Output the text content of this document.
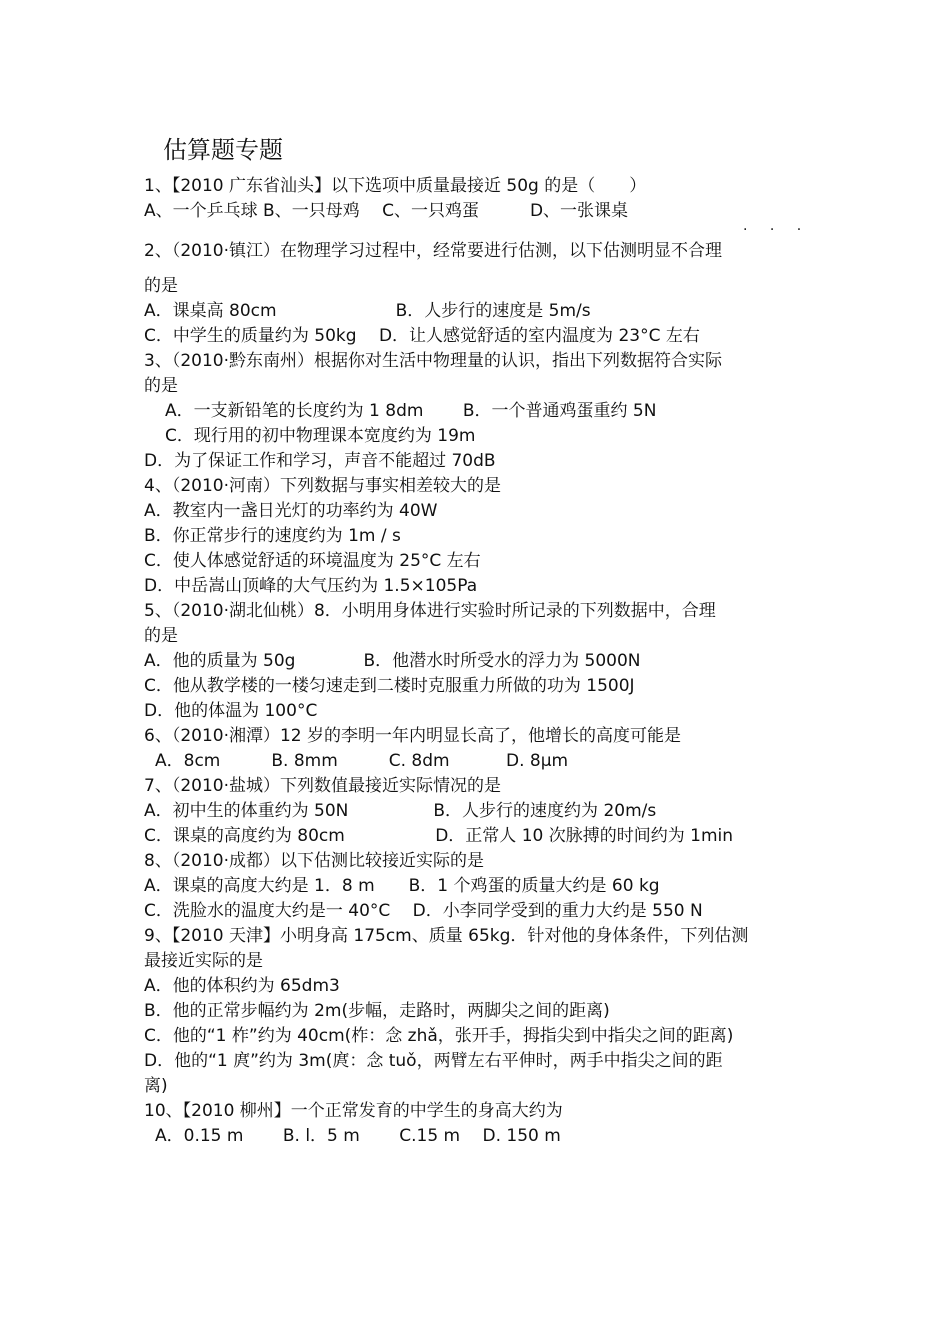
估算题专题
1、【2010 广东省汕头】以下选项中质量最接近 50g 的是（　　）
A、一个乒乓球 B、一只母鸡　 C、一只鸡蛋　　　D、一张课桌
· · ·
2、（2010·镇江）在物理学习过程中，经常要进行估测，以下估测明显不合理
的是
A．课桌高 80cm　　　　　　　B．人步行的速度是 5m/s
C．中学生的质量约为 50kg　 D．让人感觉舒适的室内温度为 23°C 左右
3、（2010·黔东南州）根据你对生活中物理量的认识，指出下列数据符合实际
的是
A．一支新铅笔的长度约为 1 8dm　　 B．一个普通鸡蛋重约 5N
C．现行用的初中物理课本宽度约为 19m
D．为了保证工作和学习，声音不能超过 70dB
4、（2010·河南）下列数据与事实相差较大的是
A．教室内一盏日光灯的功率约为 40W
B．你正常步行的速度约为 1m / s
C．使人体感觉舒适的环境温度为 25°C 左右
D．中岳嵩山顶峰的大气压约为 1.5×105Pa
5、（2010·湖北仙桃）8．小明用身体进行实验时所记录的下列数据中，合理
的是
A．他的质量为 50g　　　　B．他潜水时所受水的浮力为 5000N
C．他从教学楼的一楼匀速走到二楼时克服重力所做的功为 1500J
D．他的体温为 100°C
6、（2010·湘潭）12 岁的李明一年内明显长高了，他增长的高度可能是
A．8cm　　　B. 8mm　　　C. 8dm　　　 D. 8μm
7、（2010·盐城）下列数值最接近实际情况的是
A．初中生的体重约为 50N　　　　　B．人步行的速度约为 20m/s
C．课桌的高度约为 80cm　　　　　 D．正常人 10 次脉搏的时间约为 1min
8、（2010·成都）以下估测比较接近实际的是
A．课桌的高度大约是 1．8 m　　B．1 个鸡蛋的质量大约是 60 kg
C．洗脸水的温度大约是一 40°C　 D．小李同学受到的重力大约是 550 N
9、【2010 天津】小明身高 175cm、质量 65kg．针对他的身体条件，下列估测
最接近实际的是
A．他的体积约为 65dm3
B．他的正常步幅约为 2m(步幅，走路时，两脚尖之间的距离)
C．他的“1 柞”约为 40cm(柞：念 zhǎ，张开手，拇指尖到中指尖之间的距离)
D．他的“1 庹”约为 3m(庹：念 tuǒ，两臂左右平伸时，两手中指尖之间的距
离)
10、【2010 柳州】一个正常发育的中学生的身高大约为
A．0.15 m　　 B. l．5 m　　 C.15 m　 D. 150 m
